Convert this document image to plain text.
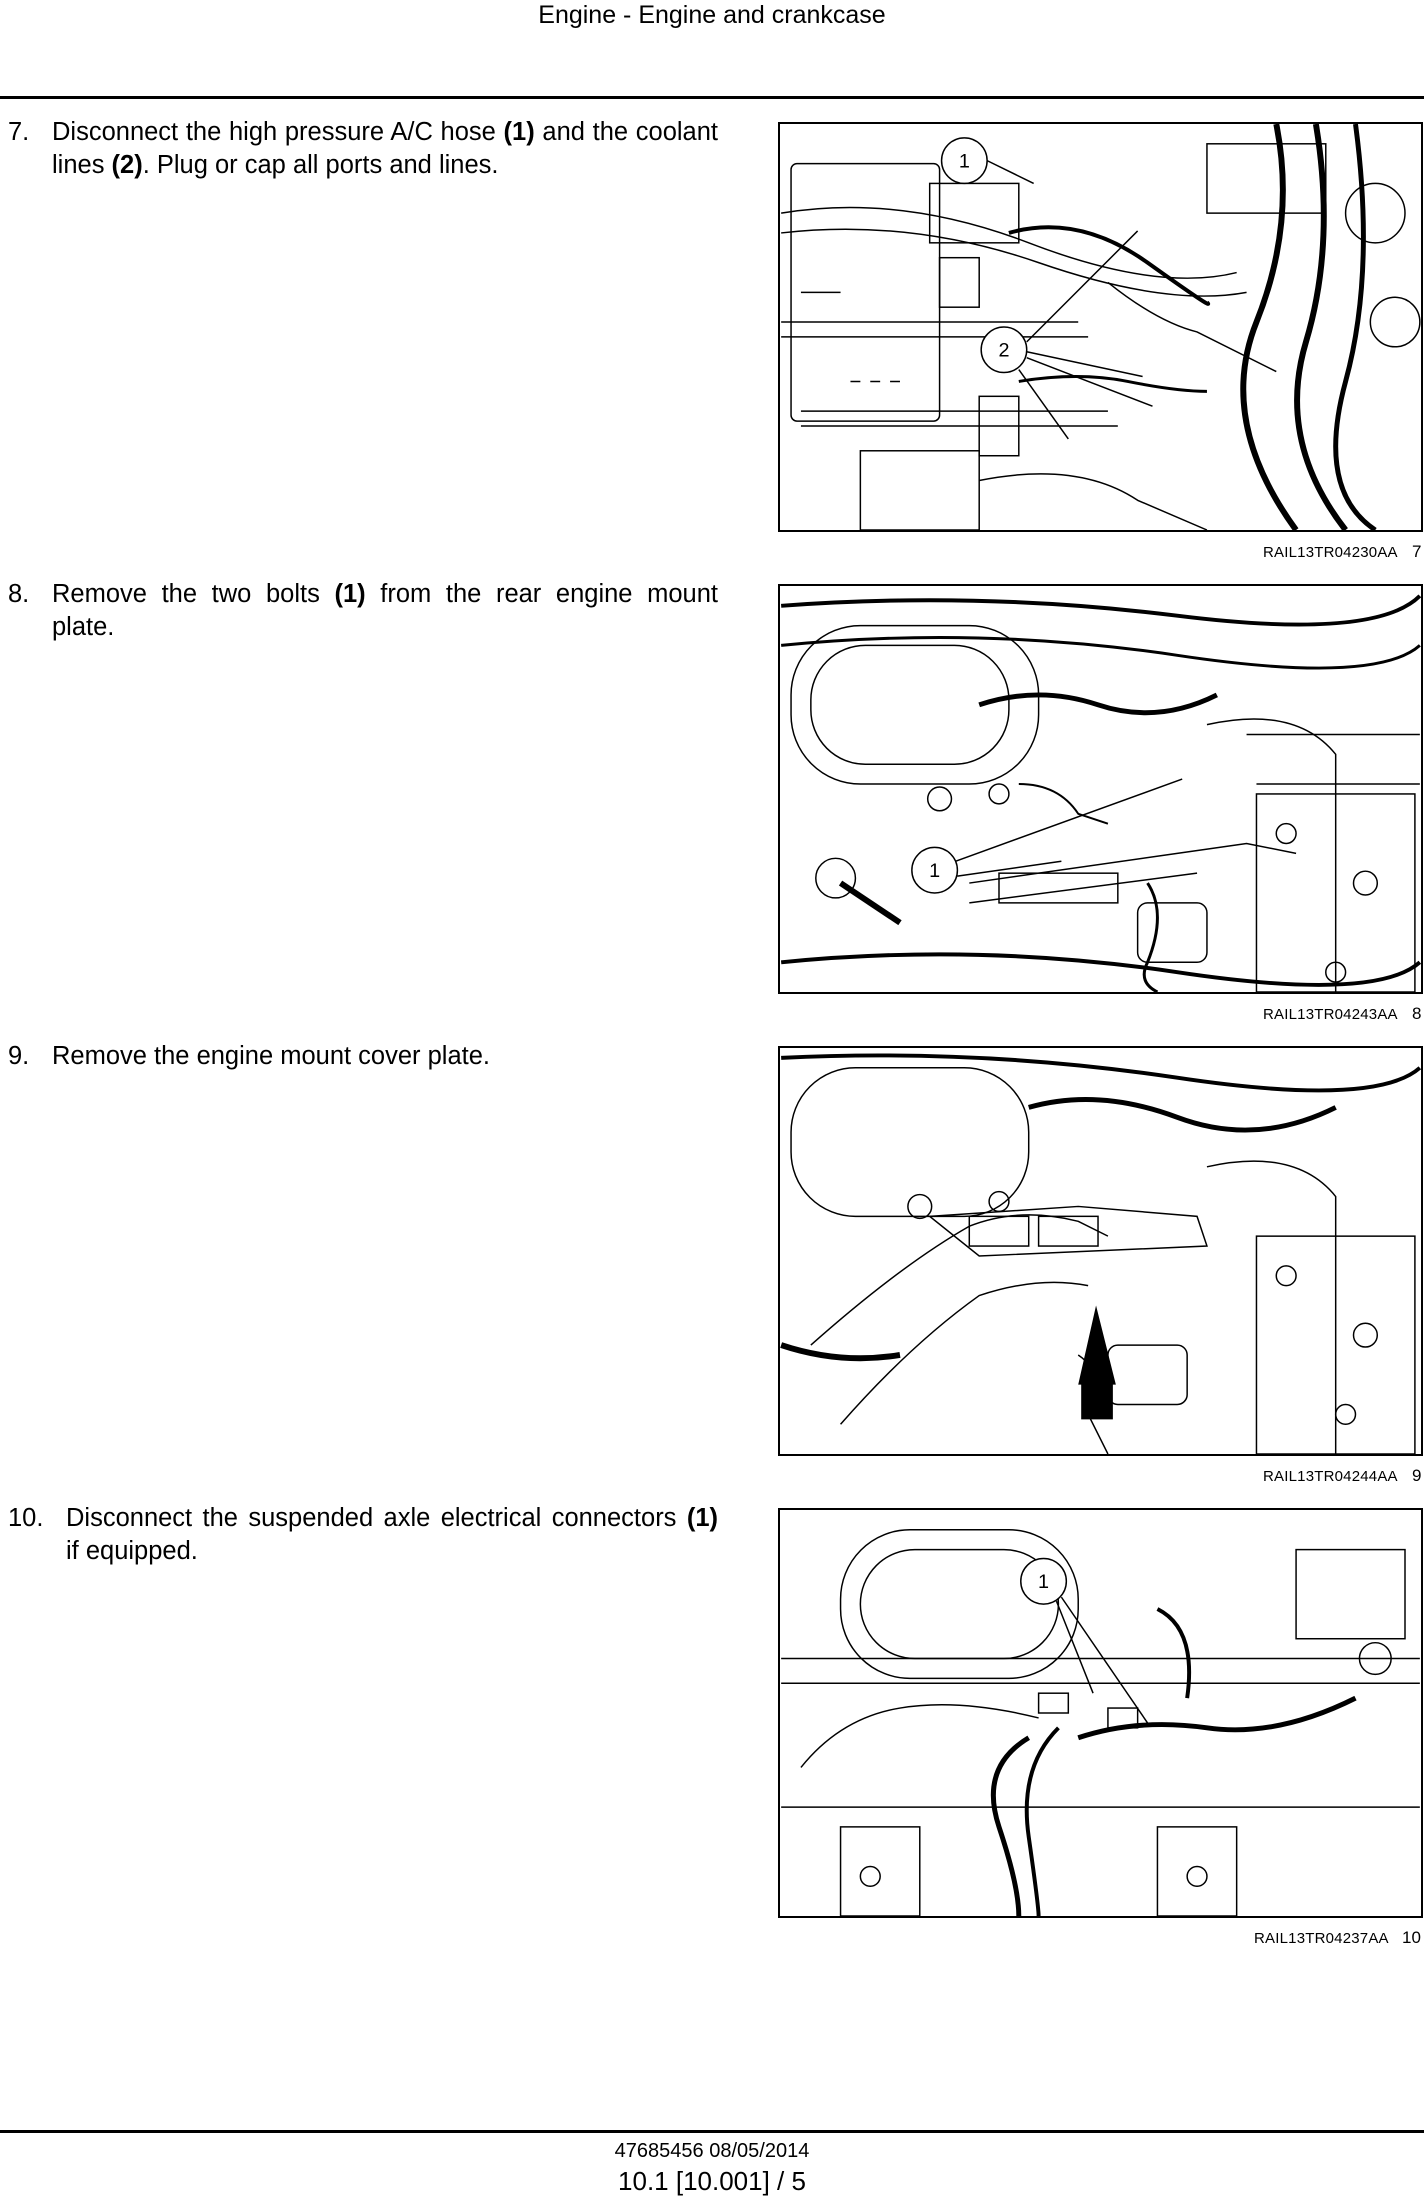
Engine - Engine and crankcase
7. Disconnect the high pressure A/C hose (1) and the coolant lines (2). Plug or cap all ports and lines.	1
2
RAIL13TR04230AA 7
8. Remove the two bolts (1) from the rear engine mount plate.
1
RAIL13TR04243AA 8
9. Remove the engine mount cover plate.
RAIL13TR04244AA 9
10. Disconnect the suspended axle electrical connectors (1) if equipped.
1
RAIL13TR04237AA 10
47685456 08/05/2014
10.1 [10.001] / 5
